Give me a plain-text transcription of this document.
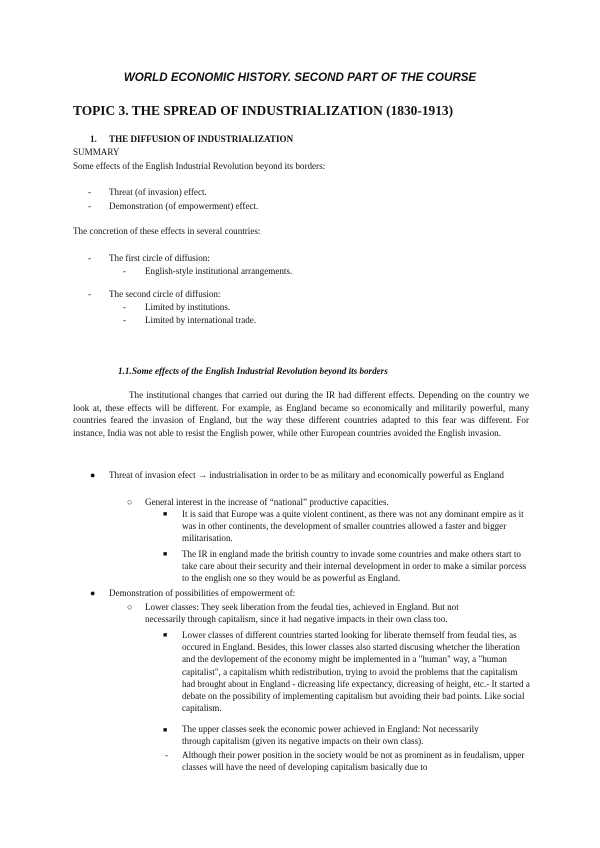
WORLD ECONOMIC HISTORY. SECOND PART OF THE COURSE
TOPIC 3. THE SPREAD OF INDUSTRIALIZATION (1830-1913)
1. THE DIFFUSION OF INDUSTRIALIZATION
SUMMARY
Some effects of the English Industrial Revolution beyond its borders:
- Threat (of invasion) effect.
- Demonstration (of empowerment) effect.
The concretion of these effects in several countries:
- The first circle of diffusion:
- English-style institutional arrangements.
- The second circle of diffusion:
- Limited by institutions.
- Limited by international trade.
1.1. Some effects of the English Industrial Revolution beyond its borders
The institutional changes that carried out during the IR had different effects. Depending on the country we look at, these effects will be different. For example, as England became so economically and militarily powerful, many countries feared the invasion of England, but the way these different countries adapted to this fear was different. For instance, India was not able to resist the English power, while other European countries avoided the English invasion.
● Threat of invasion efect → industrialisation in order to be as military and economically powerful as England
○ General interest in the increase of “national” productive capacities.
■ It is said that Europe was a quite violent continent, as there was not any dominant empire as it was in other continents, the development of smaller countries allowed a faster and bigger militarisation.
■ The IR in england made the british country to invade some countries and make others start to take care about their security and their internal development in order to make a similar porcess to the english one so they would be as powerful as England.
● Demonstration of possibilities of empowerment of:
○ Lower classes: They seek liberation from the feudal ties, achieved in England. But not necessarily through capitalism, since it had negative impacts in their own class too.
■ Lower classes of different countries started looking for liberate themself from feudal ties, as occured in England. Besides, this lower classes also started discusing whetcher the liberation and the devlopement of the economy might be implemented in a "human" way, a "human capitalist", a capitalism whith redistribution, trying to avoid the problems that the capitalism had brought about in England - dicreasing life expectancy, dicreasing of height, etc.- It started a debate on the possibility of implementing capitalism but avoiding their bad points. Like social capitalism.
■ The upper classes seek the economic power achieved in England: Not necessarily through capitalism (given its negative impacts on their own class).
- Although their power position in the society would be not as prominent as in feudalism, upper classes will have the need of developing capitalism basically due to
